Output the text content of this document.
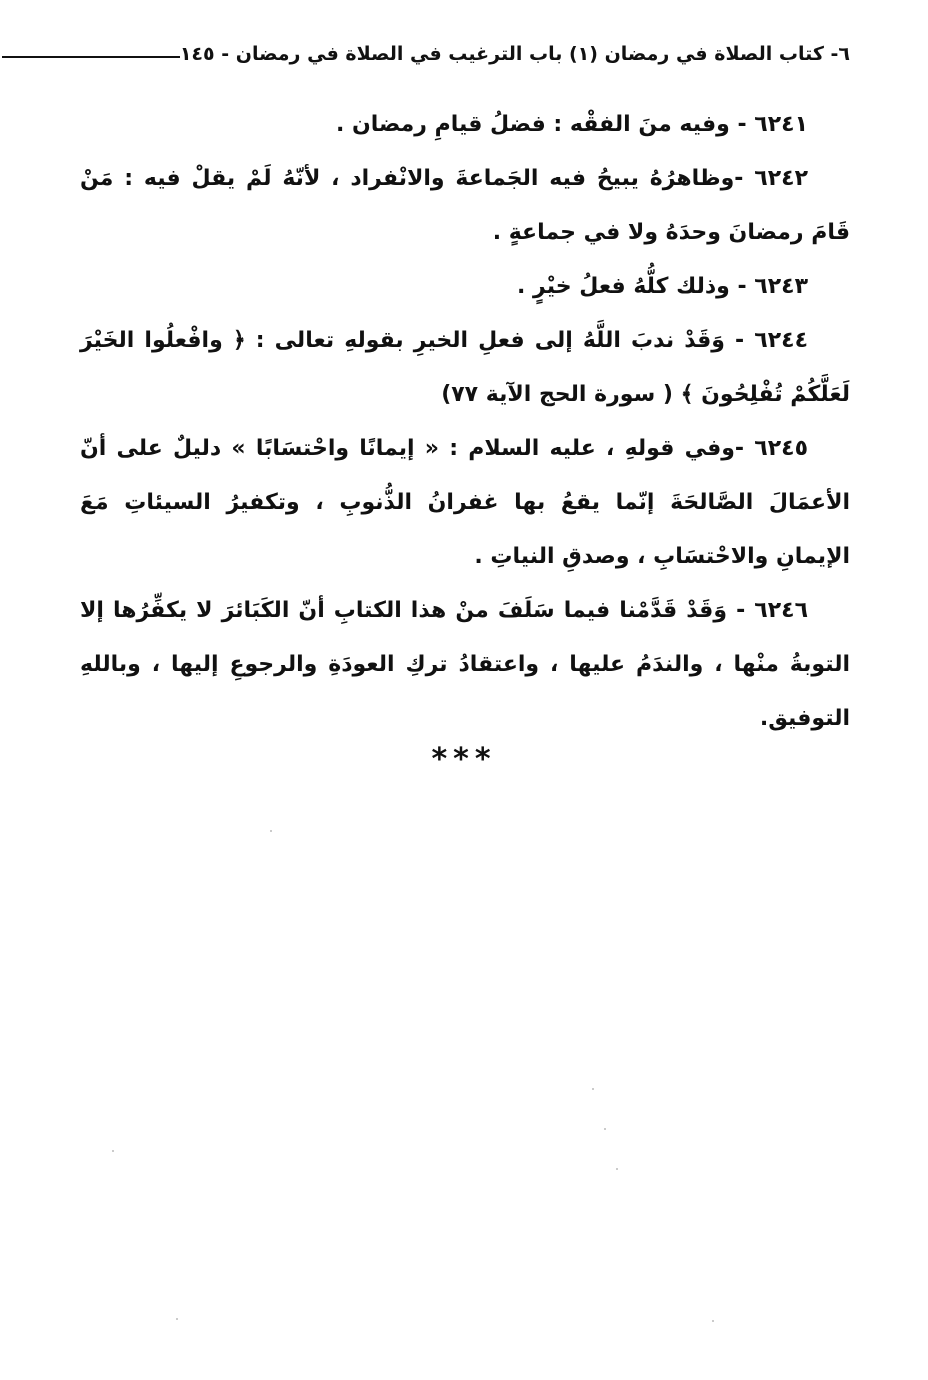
٦- كتاب الصلاة في رمضان (١) باب الترغيب في الصلاة في رمضان - ١٤٥

٦٢٤١ - وفيه منَ الفقْه : فضلُ قيامِ رمضان .

٦٢٤٢ -وظاهرُهُ يبيحُ فيه الجَماعةَ والانْفراد ، لأنّهُ لَمْ يقلْ فيه : مَنْ قَامَ رمضانَ وحدَهُ ولا في جماعةٍ .

٦٢٤٣ - وذلك كلُّهُ فعلُ خيْرٍ .

٦٢٤٤ - وَقَدْ ندبَ اللَّهُ إلى فعلِ الخيرِ بقولهِ تعالى : ﴿ وافْعلُوا الخَيْرَ لَعَلَّكُمْ تُفْلِحُونَ ﴾ ( سورة الحج الآية ٧٧)

٦٢٤٥ -وفي قولهِ ، عليه السلام : « إيمانًا واحْتسَابًا » دليلٌ على أنّ الأعمَالَ الصَّالحَةَ إنّما يقعُ بها غفرانُ الذُّنوبِ ، وتكفيرُ السيئاتِ مَعَ الإيمانِ والاحْتسَابِ ، وصدقِ النياتِ .

٦٢٤٦ - وَقَدْ قَدَّمْنا فيما سَلَفَ منْ هذا الكتابِ أنّ الكَبَائرَ لا يكفِّرُها إلا التوبةُ منْها ، والندَمُ عليها ، واعتقادُ تركِ العودَةِ والرجوعِ إليها ، وباللهِ التوفيق.

***
